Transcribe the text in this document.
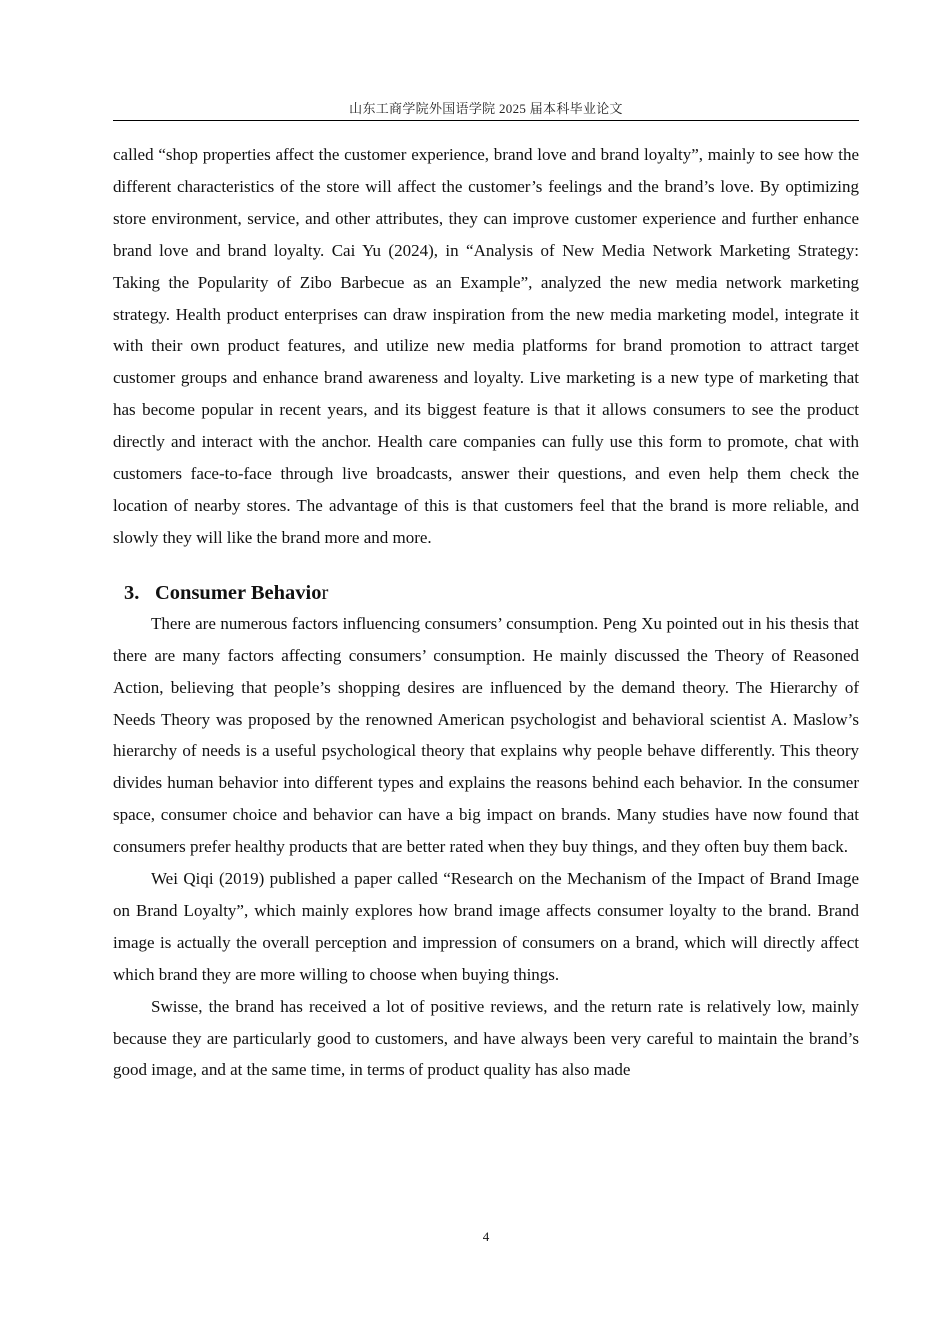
山东工商学院外国语学院 2025 届本科毕业论文

called “shop properties affect the customer experience, brand love and brand loyalty”, mainly to see how the different characteristics of the store will affect the customer’s feelings and the brand’s love. By optimizing store environment, service, and other attributes, they can improve customer experience and further enhance brand love and brand loyalty. Cai Yu (2024), in “Analysis of New Media Network Marketing Strategy: Taking the Popularity of Zibo Barbecue as an Example”, analyzed the new media network marketing strategy. Health product enterprises can draw inspiration from the new media marketing model, integrate it with their own product features, and utilize new media platforms for brand promotion to attract target customer groups and enhance brand awareness and loyalty. Live marketing is a new type of marketing that has become popular in recent years, and its biggest feature is that it allows consumers to see the product directly and interact with the anchor. Health care companies can fully use this form to promote, chat with customers face-to-face through live broadcasts, answer their questions, and even help them check the location of nearby stores. The advantage of this is that customers feel that the brand is more reliable, and slowly they will like the brand more and more.

3. Consumer Behavior

There are numerous factors influencing consumers’ consumption. Peng Xu pointed out in his thesis that there are many factors affecting consumers’ consumption. He mainly discussed the Theory of Reasoned Action, believing that people’s shopping desires are influenced by the demand theory. The Hierarchy of Needs Theory was proposed by the renowned American psychologist and behavioral scientist A. Maslow’s hierarchy of needs is a useful psychological theory that explains why people behave differently. This theory divides human behavior into different types and explains the reasons behind each behavior. In the consumer space, consumer choice and behavior can have a big impact on brands. Many studies have now found that consumers prefer healthy products that are better rated when they buy things, and they often buy them back.

Wei Qiqi (2019) published a paper called “Research on the Mechanism of the Impact of Brand Image on Brand Loyalty”, which mainly explores how brand image affects consumer loyalty to the brand. Brand image is actually the overall perception and impression of consumers on a brand, which will directly affect which brand they are more willing to choose when buying things.

Swisse, the brand has received a lot of positive reviews, and the return rate is relatively low, mainly because they are particularly good to customers, and have always been very careful to maintain the brand’s good image, and at the same time, in terms of product quality has also made

4
